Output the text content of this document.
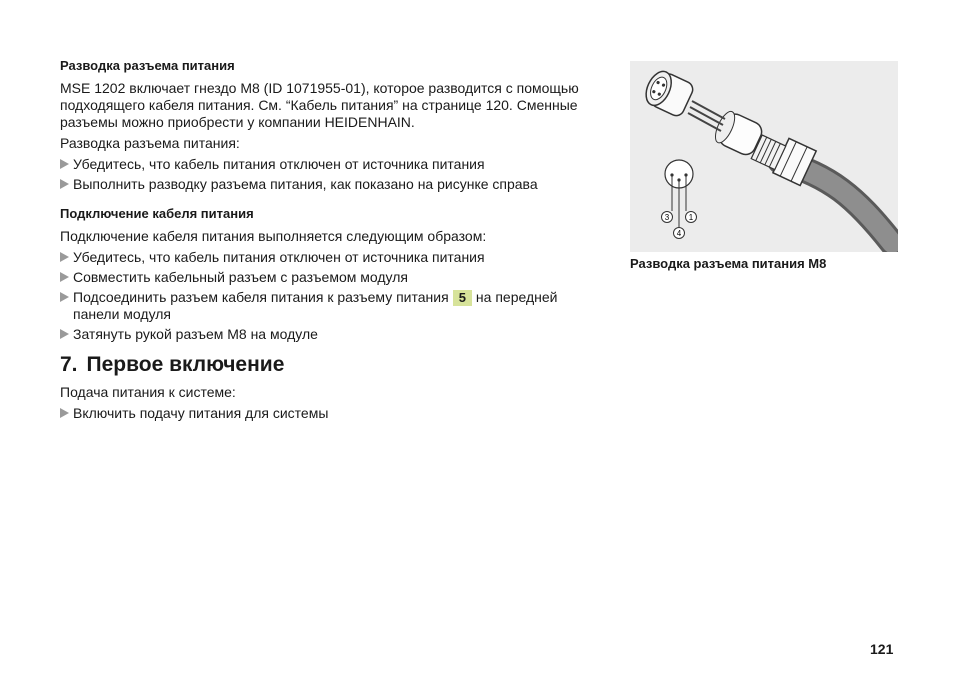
Разводка разъема питания
MSE 1202 включает гнездо M8 (ID 1071955-01), которое разводится с помощью подходящего кабеля питания. См. “Кабель питания” на странице 120. Сменные разъемы можно приобрести у компании HEIDENHAIN.
Разводка разъема питания:
Убедитесь, что кабель питания отключен от источника питания
Выполнить разводку разъема питания, как показано на рисунке справа
Подключение кабеля питания
Подключение кабеля питания выполняется следующим образом:
Убедитесь, что кабель питания отключен от источника питания
Совместить кабельный разъем с разъемом модуля
Подсоединить разъем кабеля питания к разъему питания 5 на передней панели модуля
Затянуть рукой разъем M8 на модуле
7. Первое включение
Подача питания к системе:
Включить подачу питания для системы
3 1
4
Разводка разъема питания M8
121
